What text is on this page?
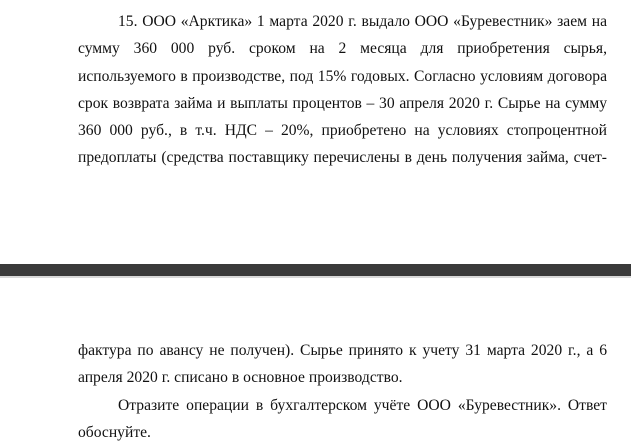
15. ООО «Арктика» 1 марта 2020 г. выдало ООО «Буревестник» заем на
сумму 360 000 руб. сроком на 2 месяца для приобретения сырья,
используемого в производстве, под 15% годовых. Согласно условиям договора
срок возврата займа и выплаты процентов – 30 апреля 2020 г. Сырье на сумму
360 000 руб., в т.ч. НДС – 20%, приобретено на условиях стопроцентной
предоплаты (средства поставщику перечислены в день получения займа, счет-
фактура по авансу не получен). Сырье принято к учету 31 марта 2020 г., а 6
апреля 2020 г. списано в основное производство.
Отразите операции в бухгалтерском учёте ООО «Буревестник». Ответ
обоснуйте.
